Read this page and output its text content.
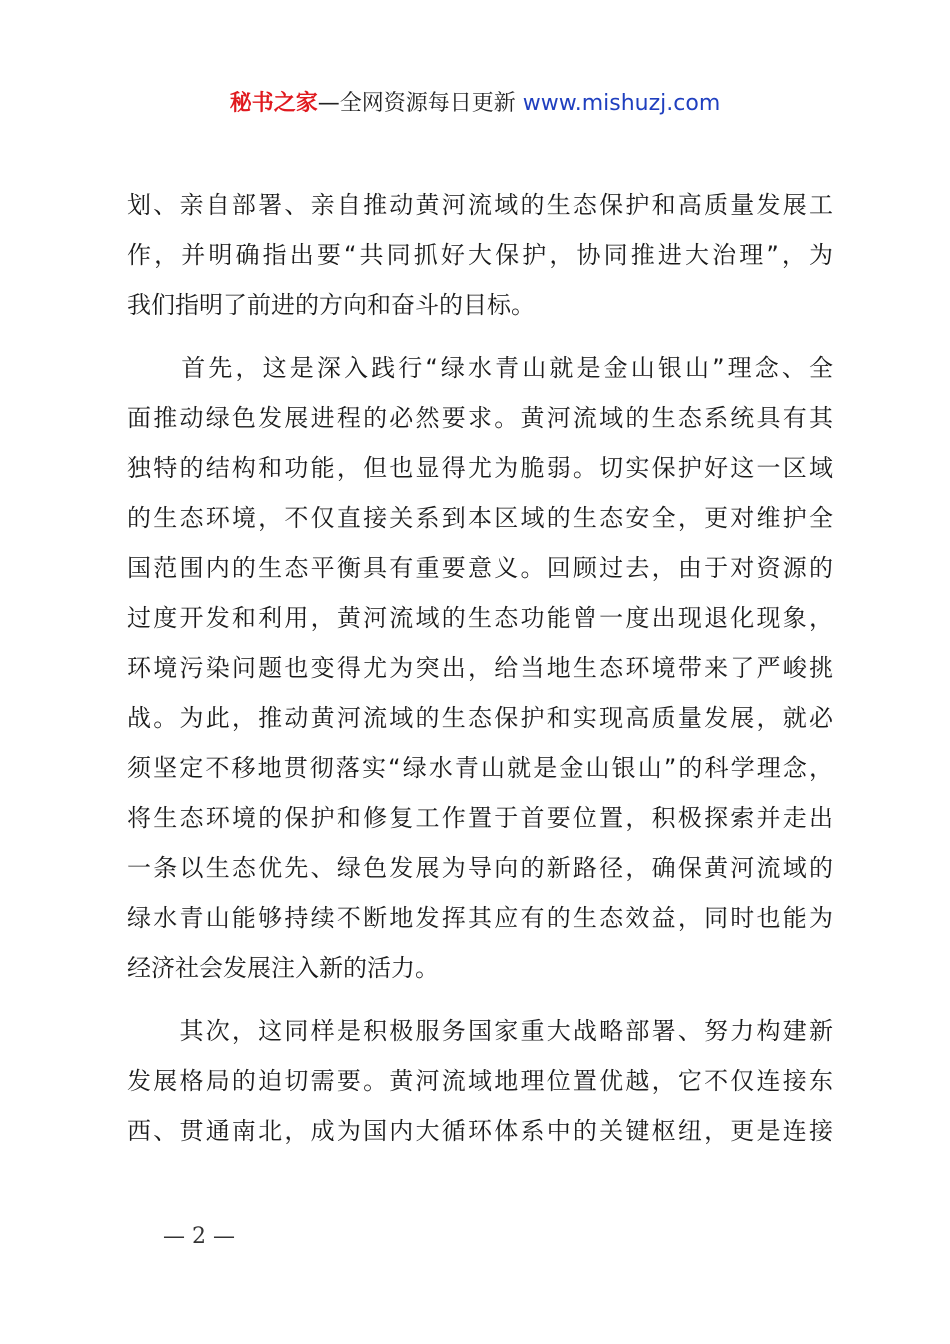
秘书之家—全网资源每日更新 www.mishuzj.com
划、亲自部署、亲自推动黄河流域的生态保护和高质量发展工
作，并明确指出要“共同抓好大保护，协同推进大治理”，为
我们指明了前进的方向和奋斗的目标。
　　首先，这是深入践行“绿水青山就是金山银山”理念、全
面推动绿色发展进程的必然要求。黄河流域的生态系统具有其
独特的结构和功能，但也显得尤为脆弱。切实保护好这一区域
的生态环境，不仅直接关系到本区域的生态安全，更对维护全
国范围内的生态平衡具有重要意义。回顾过去，由于对资源的
过度开发和利用，黄河流域的生态功能曾一度出现退化现象，
环境污染问题也变得尤为突出，给当地生态环境带来了严峻挑
战。为此，推动黄河流域的生态保护和实现高质量发展，就必
须坚定不移地贯彻落实“绿水青山就是金山银山”的科学理念，
将生态环境的保护和修复工作置于首要位置，积极探索并走出
一条以生态优先、绿色发展为导向的新路径，确保黄河流域的
绿水青山能够持续不断地发挥其应有的生态效益，同时也能为
经济社会发展注入新的活力。
　　其次，这同样是积极服务国家重大战略部署、努力构建新
发展格局的迫切需要。黄河流域地理位置优越，它不仅连接东
西、贯通南北，成为国内大循环体系中的关键枢纽，更是连接
— 2 —
